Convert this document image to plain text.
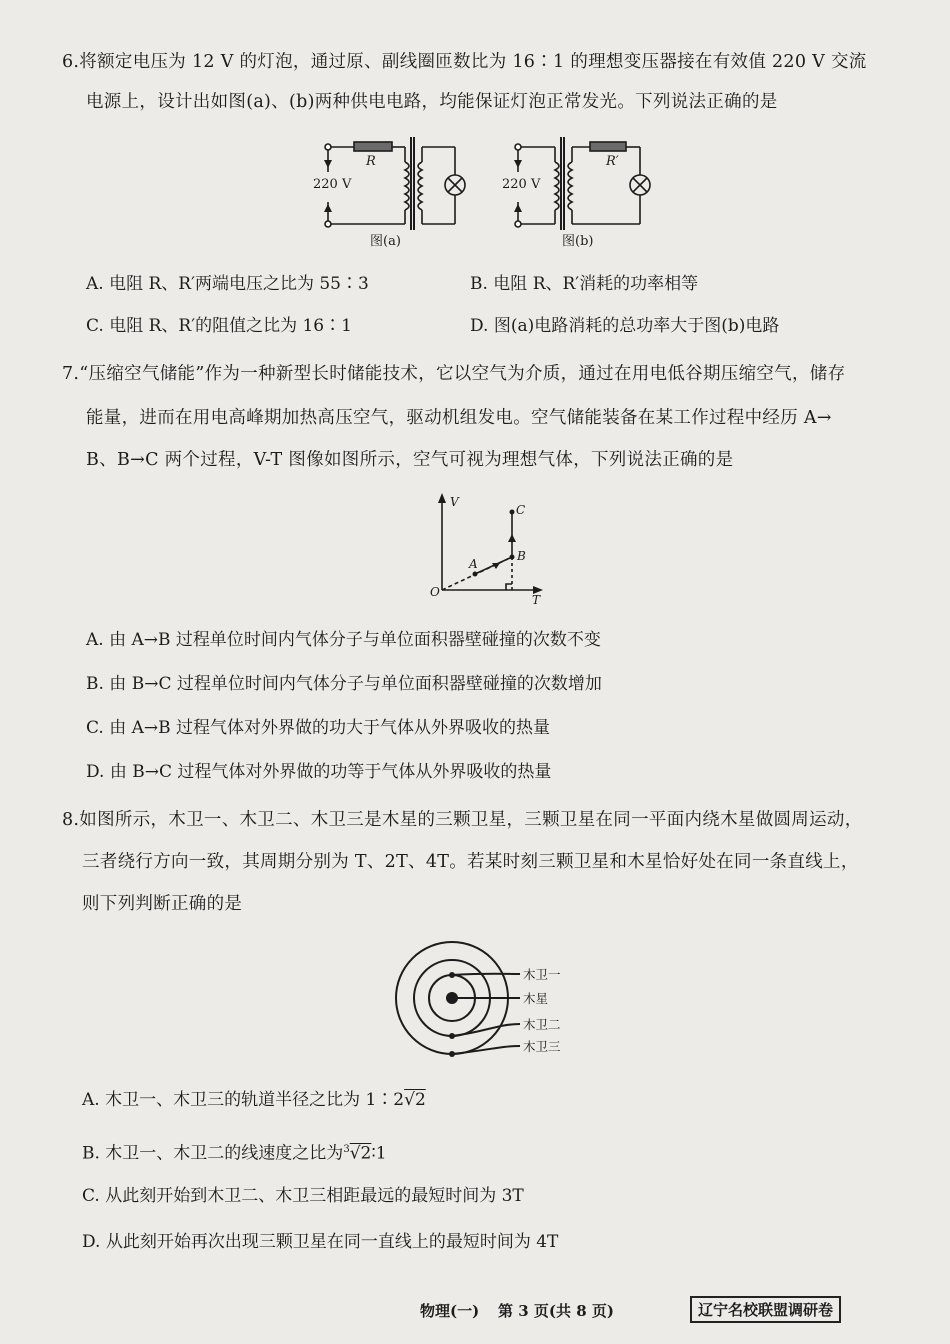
6.将额定电压为 12 V 的灯泡，通过原、副线圈匝数比为 16∶1 的理想变压器接在有效值 220 V 交流
电源上，设计出如图(a)、(b)两种供电电路，均能保证灯泡正常发光。下列说法正确的是
220 V
R
图(a)
220 V
R′
图(b)
A. 电阻 R、R′两端电压之比为 55∶3	B. 电阻 R、R′消耗的功率相等
C. 电阻 R、R′的阻值之比为 16∶1	D. 图(a)电路消耗的总功率大于图(b)电路
7.“压缩空气储能”作为一种新型长时储能技术，它以空气为介质，通过在用电低谷期压缩空气，储存
能量，进而在用电高峰期加热高压空气，驱动机组发电。空气储能装备在某工作过程中经历 A→
B、B→C 两个过程，V-T 图像如图所示，空气可视为理想气体，下列说法正确的是
V
T
O
A
B
C
A. 由 A→B 过程单位时间内气体分子与单位面积器壁碰撞的次数不变
B. 由 B→C 过程单位时间内气体分子与单位面积器壁碰撞的次数增加
C. 由 A→B 过程气体对外界做的功大于气体从外界吸收的热量
D. 由 B→C 过程气体对外界做的功等于气体从外界吸收的热量
8.如图所示，木卫一、木卫二、木卫三是木星的三颗卫星，三颗卫星在同一平面内绕木星做圆周运动，
三者绕行方向一致，其周期分别为 T、2T、4T。若某时刻三颗卫星和木星恰好处在同一条直线上，
则下列判断正确的是
木卫一
木星
木卫二
木卫三
A. 木卫一、木卫三的轨道半径之比为 1∶2√2
B. 木卫一、木卫二的线速度之比为$^3$√2∶1
C. 从此刻开始到木卫二、木卫三相距最远的最短时间为 3T
D. 从此刻开始再次出现三颗卫星在同一直线上的最短时间为 4T
物理(一) 第 3 页(共 8 页)	辽宁名校联盟调研卷
